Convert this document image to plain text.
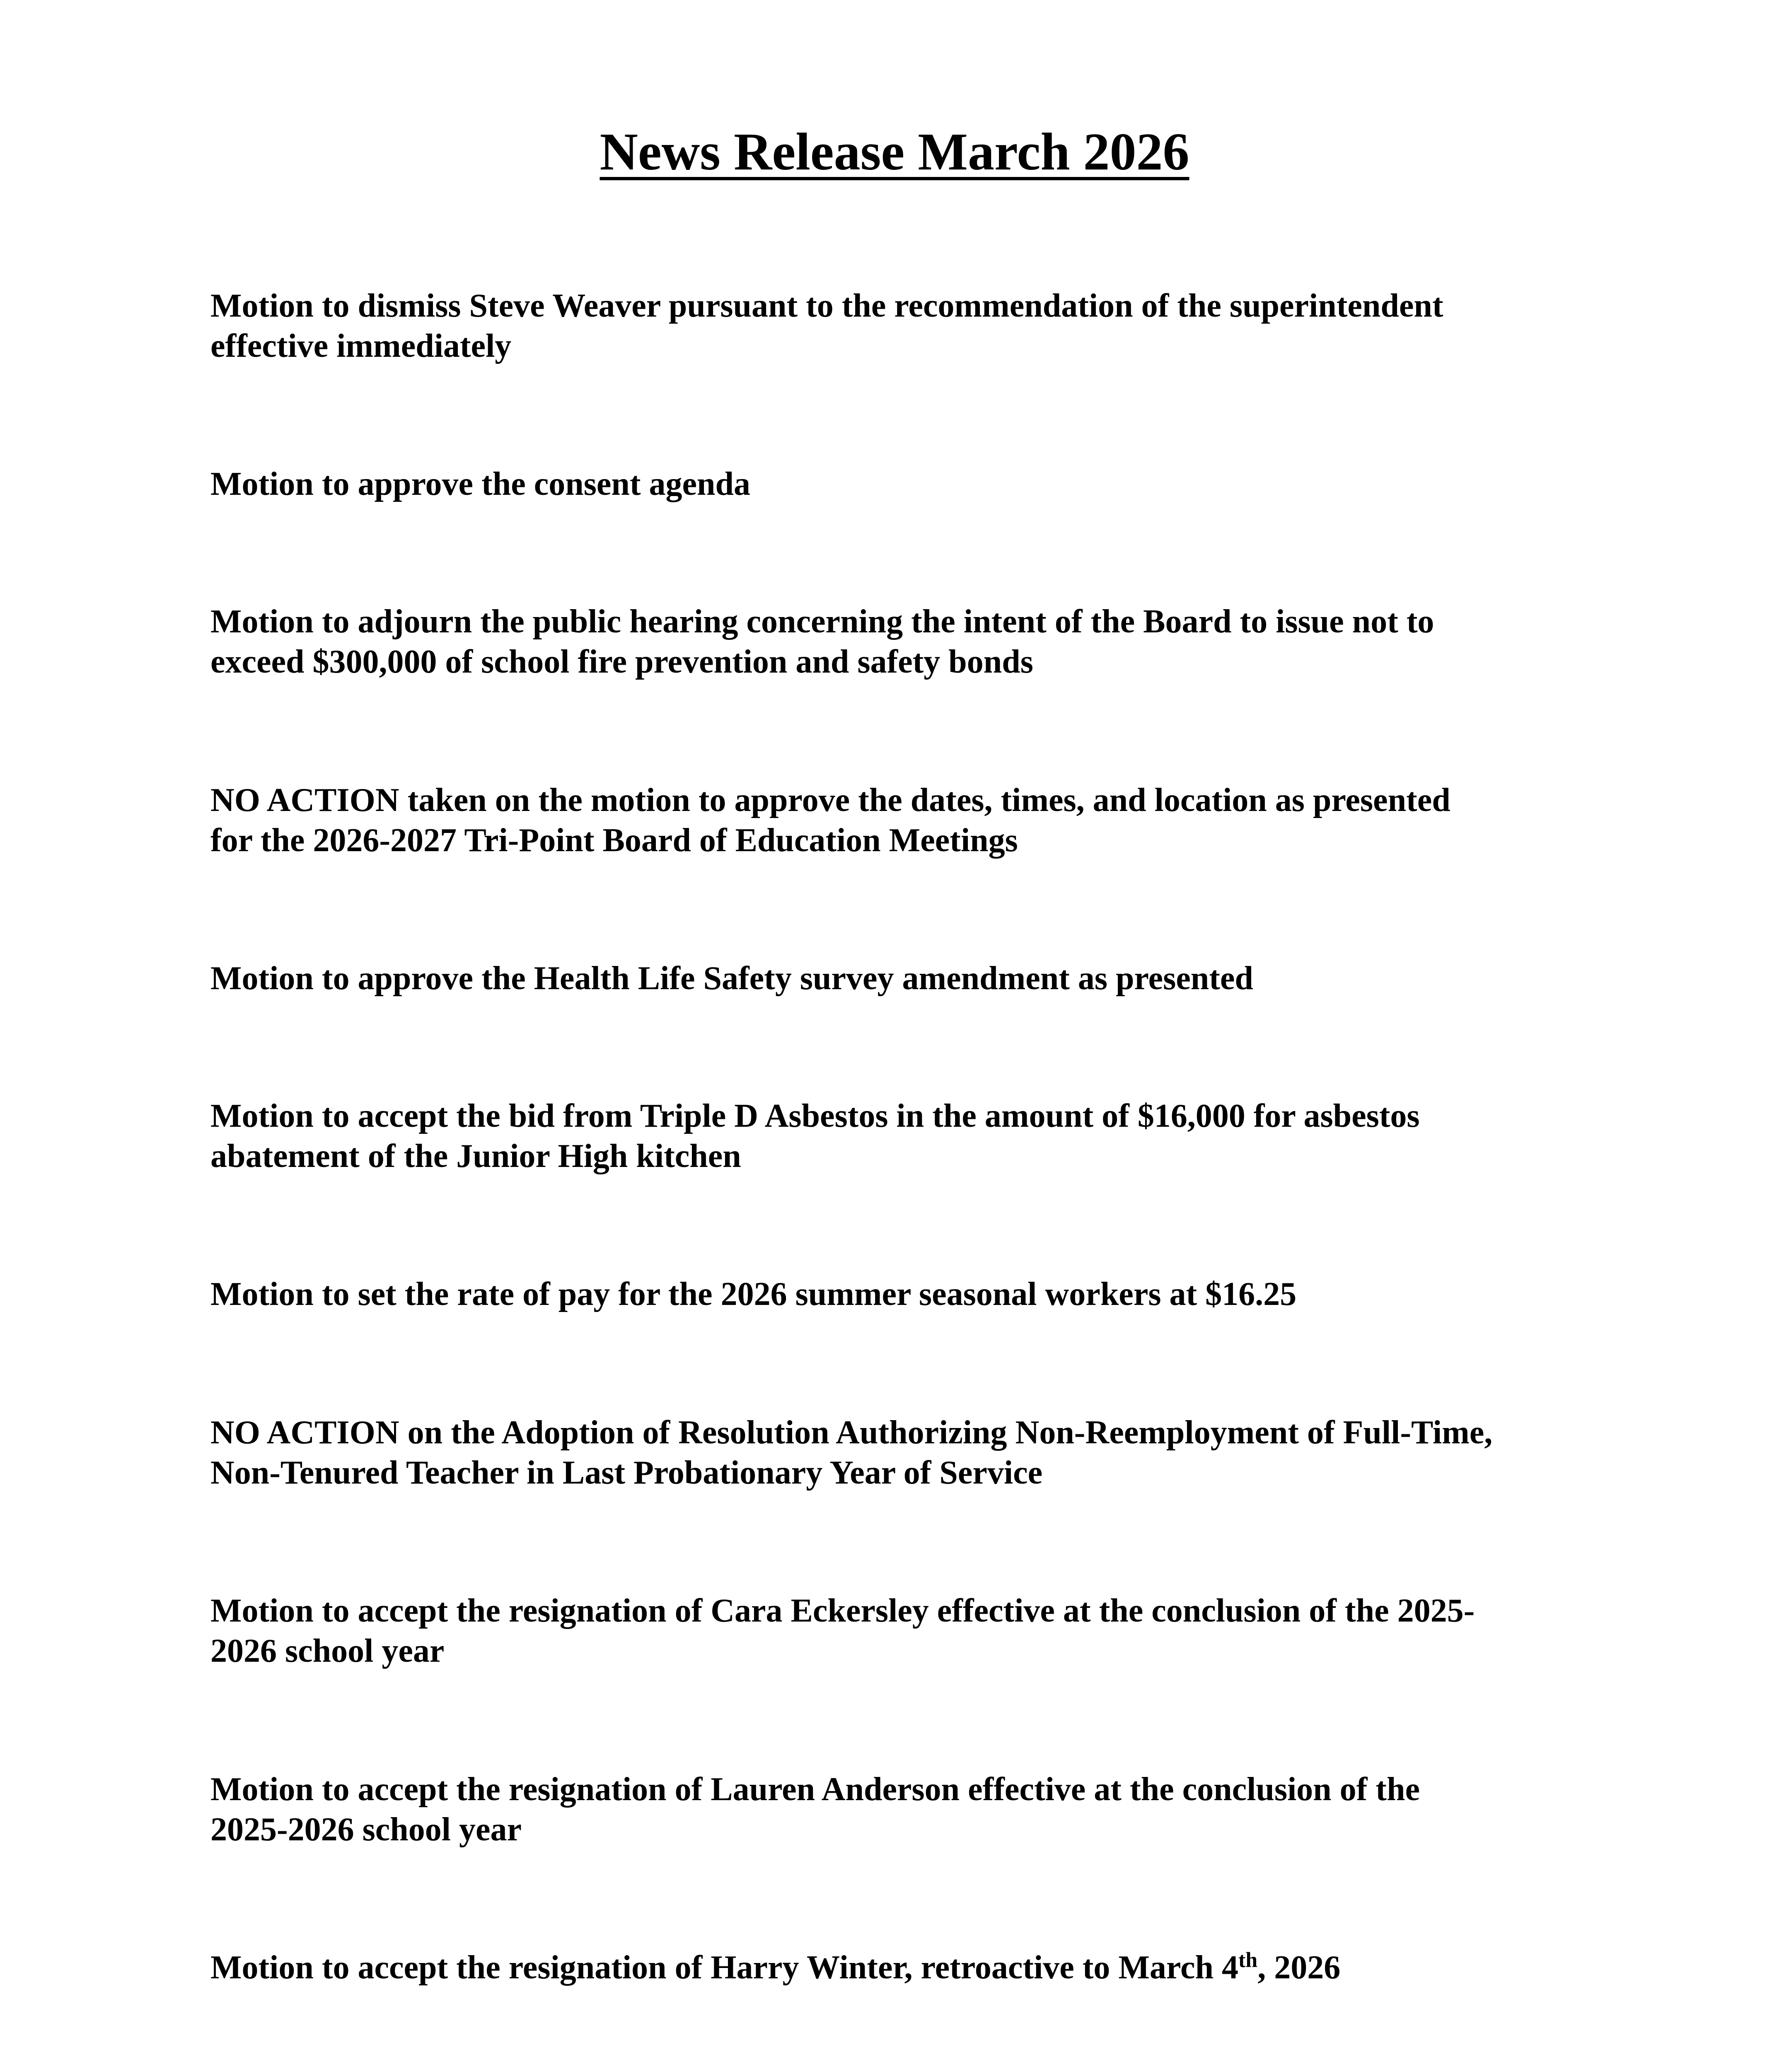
News Release March 2026

Motion to dismiss Steve Weaver pursuant to the recommendation of the superintendent
effective immediately

Motion to approve the consent agenda

Motion to adjourn the public hearing concerning the intent of the Board to issue not to
exceed $300,000 of school fire prevention and safety bonds

NO ACTION taken on the motion to approve the dates, times, and location as presented
for the 2026-2027 Tri-Point Board of Education Meetings

Motion to approve the Health Life Safety survey amendment as presented

Motion to accept the bid from Triple D Asbestos in the amount of $16,000 for asbestos
abatement of the Junior High kitchen

Motion to set the rate of pay for the 2026 summer seasonal workers at $16.25

NO ACTION on the Adoption of Resolution Authorizing Non-Reemployment of Full-Time,
Non-Tenured Teacher in Last Probationary Year of Service

Motion to accept the resignation of Cara Eckersley effective at the conclusion of the 2025-
2026 school year

Motion to accept the resignation of Lauren Anderson effective at the conclusion of the
2025-2026 school year

Motion to accept the resignation of Harry Winter, retroactive to March 4th, 2026
